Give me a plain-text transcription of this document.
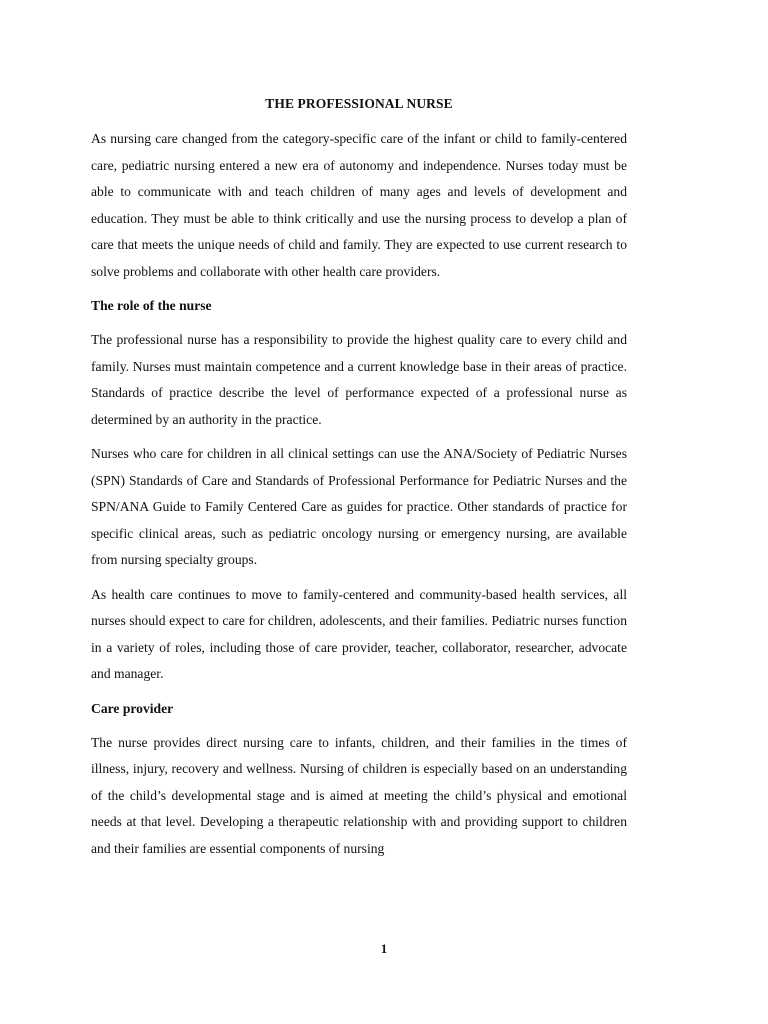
THE PROFESSIONAL NURSE

As nursing care changed from the category-specific care of the infant or child to family-centered care, pediatric nursing entered a new era of autonomy and independence. Nurses today must be able to communicate with and teach children of many ages and levels of development and education. They must be able to think critically and use the nursing process to develop a plan of care that meets the unique needs of child and family. They are expected to use current research to solve problems and collaborate with other health care providers.

The role of the nurse

The professional nurse has a responsibility to provide the highest quality care to every child and family. Nurses must maintain competence and a current knowledge base in their areas of practice. Standards of practice describe the level of performance expected of a professional nurse as determined by an authority in the practice.

Nurses who care for children in all clinical settings can use the ANA/Society of Pediatric Nurses (SPN) Standards of Care and Standards of Professional Performance for Pediatric Nurses and the SPN/ANA Guide to Family Centered Care as guides for practice. Other standards of practice for specific clinical areas, such as pediatric oncology nursing or emergency nursing, are available from nursing specialty groups.

As health care continues to move to family-centered and community-based health services, all nurses should expect to care for children, adolescents, and their families. Pediatric nurses function in a variety of roles, including those of care provider, teacher, collaborator, researcher, advocate and manager.

Care provider

The nurse provides direct nursing care to infants, children, and their families in the times of illness, injury, recovery and wellness. Nursing of children is especially based on an understanding of the child’s developmental stage and is aimed at meeting the child’s physical and emotional needs at that level. Developing a therapeutic relationship with and providing support to children and their families are essential components of nursing

1
